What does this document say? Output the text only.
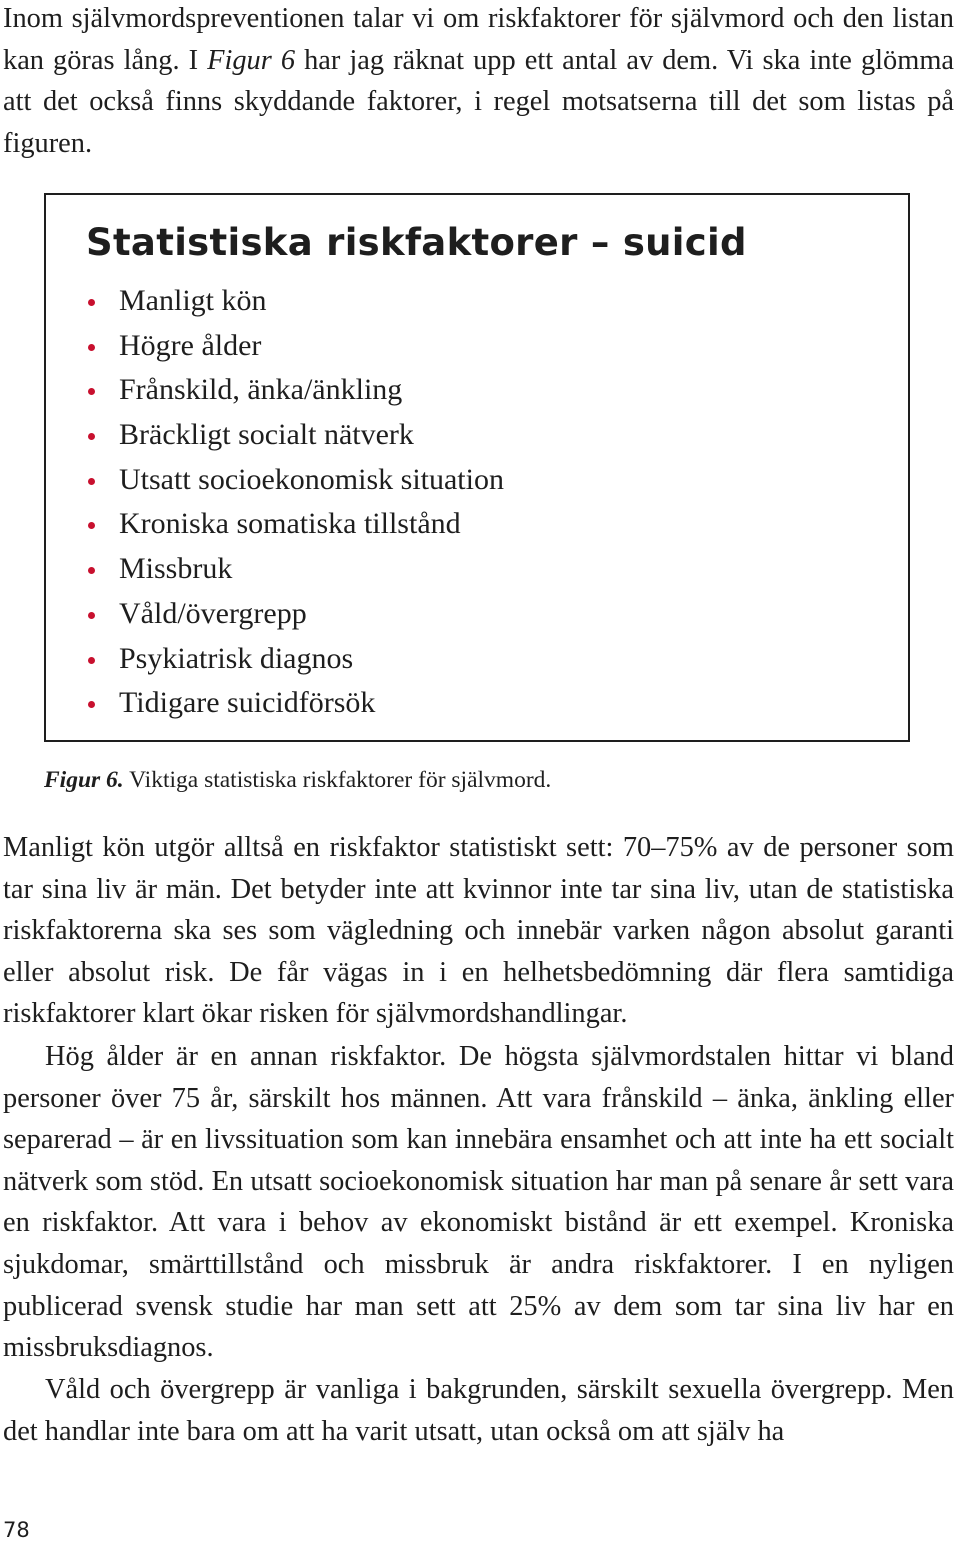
Inom självmordspreventionen talar vi om riskfaktorer för självmord och den listan kan göras lång. I Figur 6 har jag räknat upp ett antal av dem. Vi ska inte glömma att det också finns skyddande faktorer, i regel motsatserna till det som listas på figuren.

Statistiska riskfaktorer – suicid
Manligt kön
Högre ålder
Frånskild, änka/änkling
Bräckligt socialt nätverk
Utsatt socioekonomisk situation
Kroniska somatiska tillstånd
Missbruk
Våld/övergrepp
Psykiatrisk diagnos
Tidigare suicidförsök

Figur 6. Viktiga statistiska riskfaktorer för självmord.

Manligt kön utgör alltså en riskfaktor statistiskt sett: 70–75% av de personer som tar sina liv är män. Det betyder inte att kvinnor inte tar sina liv, utan de statistiska riskfaktorerna ska ses som vägledning och innebär varken någon absolut garanti eller absolut risk. De får vägas in i en helhetsbedömning där flera samtidiga riskfaktorer klart ökar risken för självmordshandlingar.

Hög ålder är en annan riskfaktor. De högsta självmordstalen hittar vi bland personer över 75 år, särskilt hos männen. Att vara frånskild – änka, änkling eller separerad – är en livssituation som kan innebära ensamhet och att inte ha ett socialt nätverk som stöd. En utsatt socioekonomisk situation har man på senare år sett vara en riskfaktor. Att vara i behov av ekonomiskt bistånd är ett exempel. Kroniska sjukdomar, smärttillstånd och missbruk är andra riskfaktorer. I en nyligen publicerad svensk studie har man sett att 25% av dem som tar sina liv har en missbruksdiagnos.

Våld och övergrepp är vanliga i bakgrunden, särskilt sexuella övergrepp. Men det handlar inte bara om att ha varit utsatt, utan också om att själv ha

78
